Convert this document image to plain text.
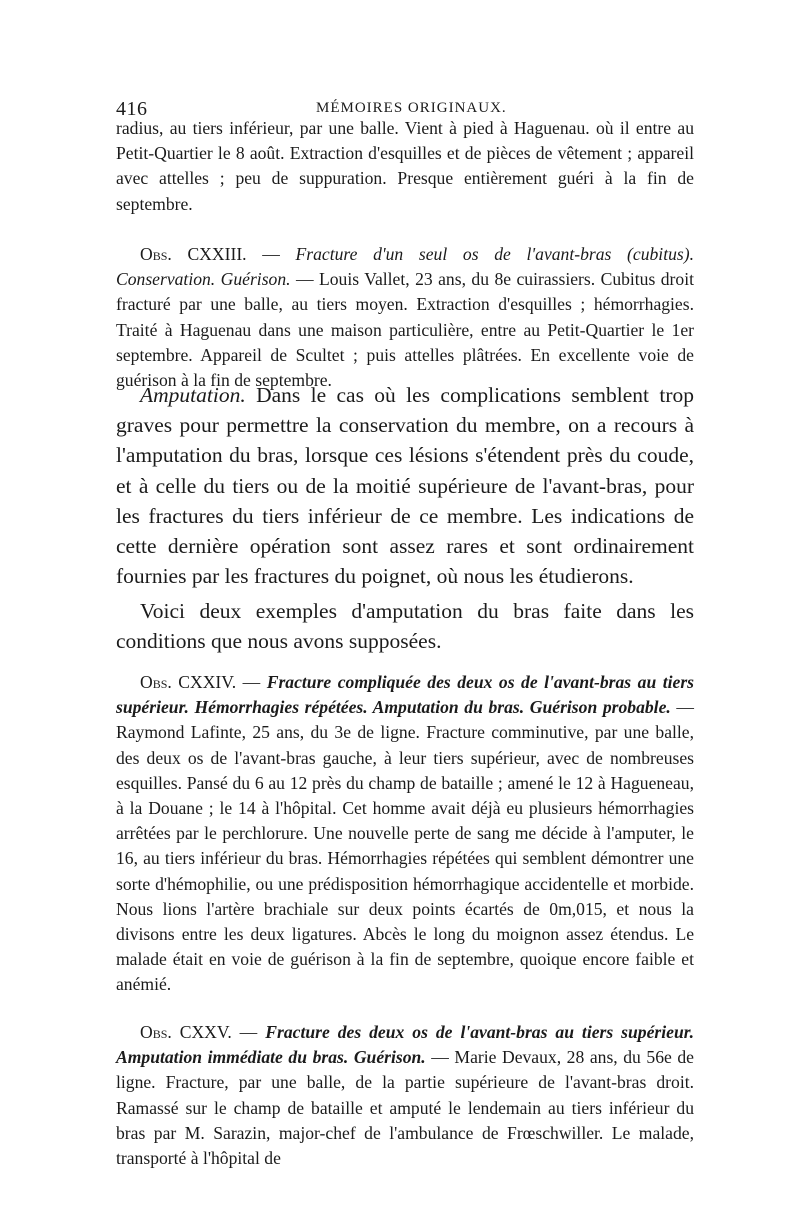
416	MÉMOIRES ORIGINAUX.

radius, au tiers inférieur, par une balle. Vient à pied à Haguenau. où il entre au Petit-Quartier le 8 août. Extraction d'esquilles et de pièces de vêtement ; appareil avec attelles ; peu de suppuration. Presque entièrement guéri à la fin de septembre.

Obs. CXXIII. — Fracture d'un seul os de l'avant-bras (cubitus). Conservation. Guérison. — Louis Vallet, 23 ans, du 8e cuirassiers. Cubitus droit fracturé par une balle, au tiers moyen. Extraction d'esquilles ; hémorrhagies. Traité à Haguenau dans une maison particulière, entre au Petit-Quartier le 1er septembre. Appareil de Scultet ; puis attelles plâtrées. En excellente voie de guérison à la fin de septembre.

Amputation. Dans le cas où les complications semblent trop graves pour permettre la conservation du membre, on a recours à l'amputation du bras, lorsque ces lésions s'étendent près du coude, et à celle du tiers ou de la moitié supérieure de l'avant-bras, pour les fractures du tiers inférieur de ce membre. Les indications de cette dernière opération sont assez rares et sont ordinairement fournies par les fractures du poignet, où nous les étudierons.

Voici deux exemples d'amputation du bras faite dans les conditions que nous avons supposées.

Obs. CXXIV. — Fracture compliquée des deux os de l'avant-bras au tiers supérieur. Hémorrhagies répétées. Amputation du bras. Guérison probable. — Raymond Lafinte, 25 ans, du 3e de ligne. Fracture comminutive, par une balle, des deux os de l'avant-bras gauche, à leur tiers supérieur, avec de nombreuses esquilles. Pansé du 6 au 12 près du champ de bataille ; amené le 12 à Hagueneau, à la Douane ; le 14 à l'hôpital. Cet homme avait déjà eu plusieurs hémorrhagies arrêtées par le perchlorure. Une nouvelle perte de sang me décide à l'amputer, le 16, au tiers inférieur du bras. Hémorrhagies répétées qui semblent démontrer une sorte d'hémophilie, ou une prédisposition hémorrhagique accidentelle et morbide. Nous lions l'artère brachiale sur deux points écartés de 0m,015, et nous la divisons entre les deux ligatures. Abcès le long du moignon assez étendus. Le malade était en voie de guérison à la fin de septembre, quoique encore faible et anémié.

Obs. CXXV. — Fracture des deux os de l'avant-bras au tiers supérieur. Amputation immédiate du bras. Guérison. — Marie Devaux, 28 ans, du 56e de ligne. Fracture, par une balle, de la partie supérieure de l'avant-bras droit. Ramassé sur le champ de bataille et amputé le lendemain au tiers inférieur du bras par M. Sarazin, major-chef de l'ambulance de Frœschwiller. Le malade, transporté à l'hôpital de
